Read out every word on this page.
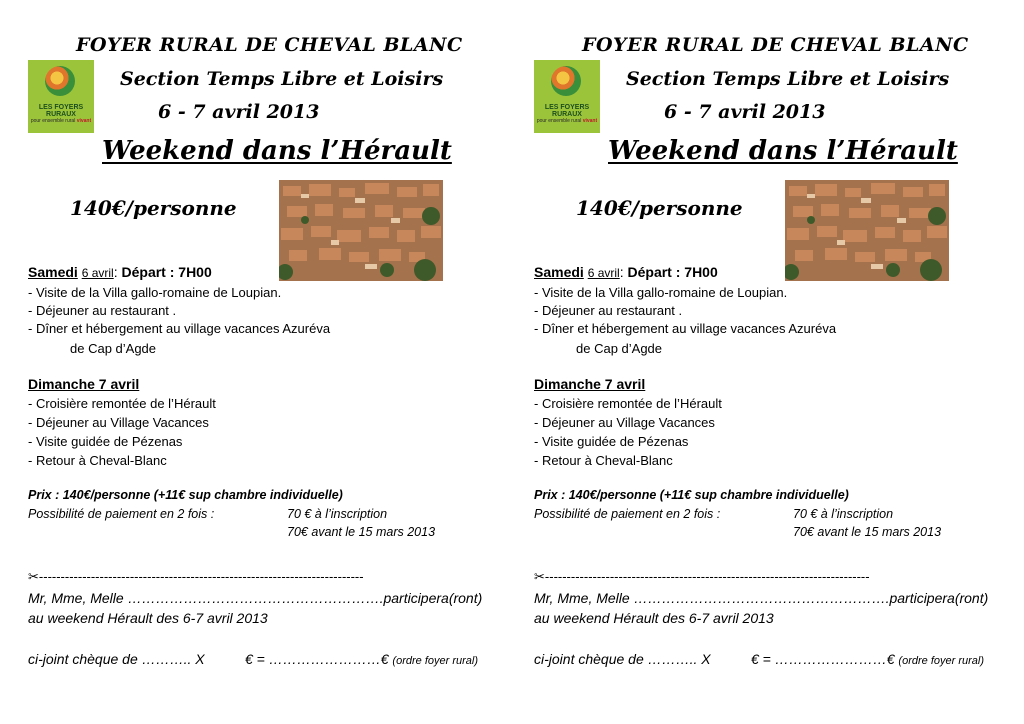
FOYER RURAL DE CHEVAL BLANC
LES FOYERS RURAUX
pour ensemble rural vivant
Section Temps Libre et Loisirs
6 - 7 avril 2013
Weekend dans l’Hérault
140€/personne
Samedi 6 avril: Départ : 7H00
- Visite de la Villa gallo-romaine de Loupian.
- Déjeuner au restaurant .
- Dîner et hébergement au village vacances Azuréva
de Cap d’Agde
Dimanche 7 avril
- Croisière remontée de l’Hérault
- Déjeuner au Village Vacances
- Visite guidée de Pézenas
- Retour à Cheval-Blanc
Prix : 140€/personne (+11€ sup chambre individuelle)
Possibilité de paiement en 2 fois :	70 € à l’inscription
70€ avant le 15 mars 2013
✂---------------------------------------------------------------------------
Mr, Mme, Melle ……………………………………………….participera(ront)
au weekend Hérault des 6-7 avril 2013
ci-joint chèque de ……….. X	€ = ……………………€ (ordre foyer rural)
FOYER RURAL DE CHEVAL BLANC
LES FOYERS RURAUX
pour ensemble rural vivant
Section Temps Libre et Loisirs
6 - 7 avril 2013
Weekend dans l’Hérault
140€/personne
Samedi 6 avril: Départ : 7H00
- Visite de la Villa gallo-romaine de Loupian.
- Déjeuner au restaurant .
- Dîner et hébergement au village vacances Azuréva
de Cap d’Agde
Dimanche 7 avril
- Croisière remontée de l’Hérault
- Déjeuner au Village Vacances
- Visite guidée de Pézenas
- Retour à Cheval-Blanc
Prix : 140€/personne (+11€ sup chambre individuelle)
Possibilité de paiement en 2 fois :	70 € à l’inscription
70€ avant le 15 mars 2013
✂---------------------------------------------------------------------------
Mr, Mme, Melle ……………………………………………….participera(ront)
au weekend Hérault des 6-7 avril 2013
ci-joint chèque de ……….. X	€ = ……………………€ (ordre foyer rural)
